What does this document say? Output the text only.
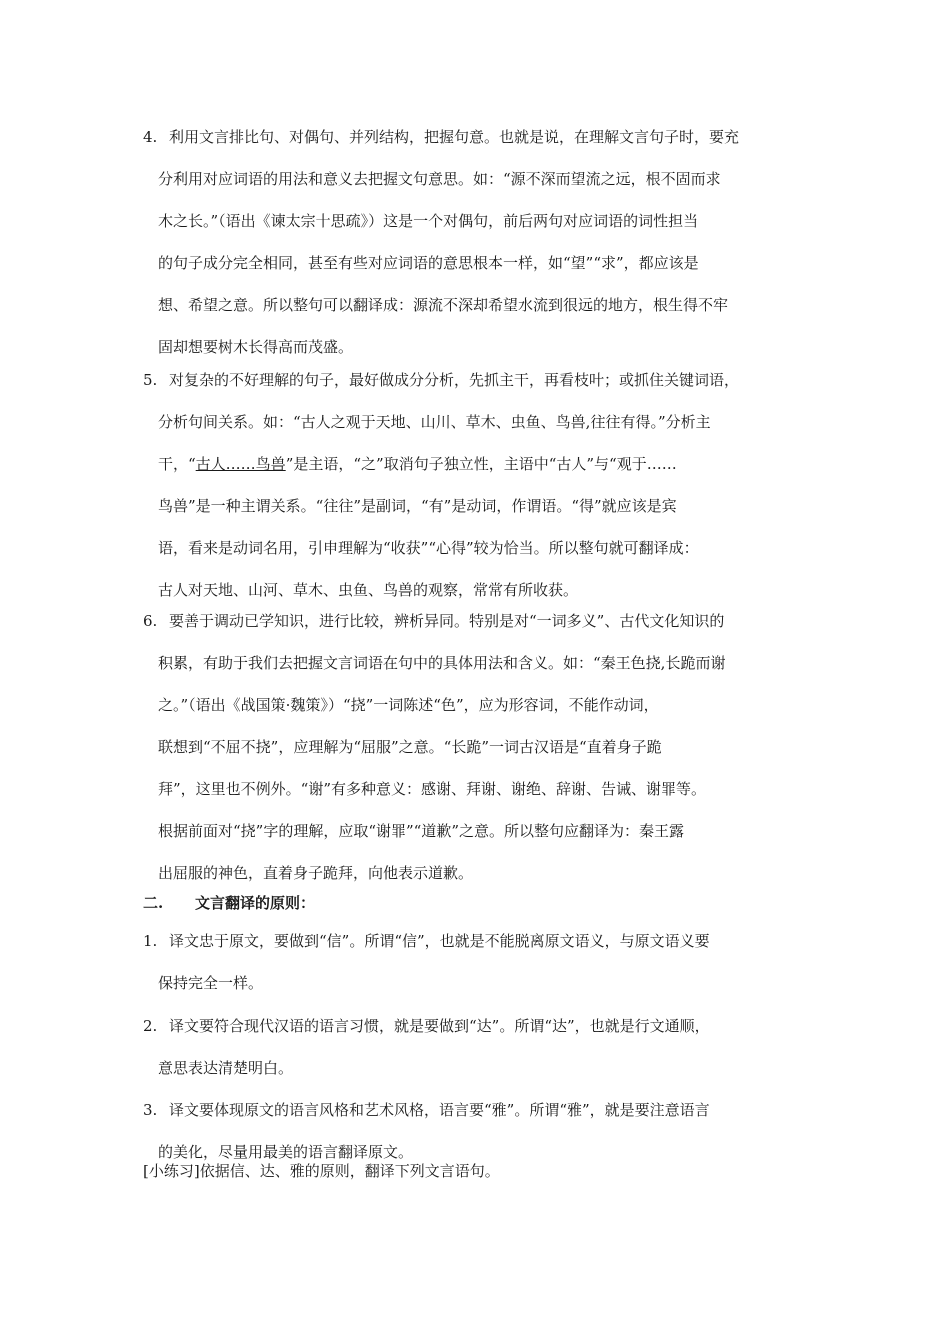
4. 利用文言排比句、对偶句、并列结构，把握句意。也就是说，在理解文言句子时，要充
分利用对应词语的用法和意义去把握文句意思。如：“源不深而望流之远，根不固而求
木之长。”（语出《谏太宗十思疏》）这是一个对偶句，前后两句对应词语的词性担当
的句子成分完全相同，甚至有些对应词语的意思根本一样，如“望”“求”，都应该是
想、希望之意。所以整句可以翻译成：源流不深却希望水流到很远的地方，根生得不牢
固却想要树木长得高而茂盛。
5. 对复杂的不好理解的句子，最好做成分分析，先抓主干，再看枝叶；或抓住关键词语，
分析句间关系。如：“古人之观于天地、山川、草木、虫鱼、鸟兽,往往有得。”分析主
干，“古人……鸟兽”是主语，“之”取消句子独立性，主语中“古人”与“观于……
鸟兽”是一种主谓关系。“往往”是副词，“有”是动词，作谓语。“得”就应该是宾
语，看来是动词名用，引申理解为“收获”“心得”较为恰当。所以整句就可翻译成：
古人对天地、山河、草木、虫鱼、鸟兽的观察，常常有所收获。
6. 要善于调动已学知识，进行比较，辨析异同。特别是对“一词多义”、古代文化知识的
积累，有助于我们去把握文言词语在句中的具体用法和含义。如：“秦王色挠,长跪而谢
之。”（语出《战国策·魏策》）“挠”一词陈述“色”，应为形容词，不能作动词，
联想到“不屈不挠”，应理解为“屈服”之意。“长跪”一词古汉语是“直着身子跪
拜”，这里也不例外。“谢”有多种意义：感谢、拜谢、谢绝、辞谢、告诫、谢罪等。
根据前面对“挠”字的理解，应取“谢罪”“道歉”之意。所以整句应翻译为：秦王露
出屈服的神色，直着身子跪拜，向他表示道歉。
二. 文言翻译的原则：
1. 译文忠于原文，要做到“信”。所谓“信”，也就是不能脱离原文语义，与原文语义要
保持完全一样。
2. 译文要符合现代汉语的语言习惯，就是要做到“达”。所谓“达”，也就是行文通顺，
意思表达清楚明白。
3. 译文要体现原文的语言风格和艺术风格，语言要“雅”。所谓“雅”，就是要注意语言
的美化，尽量用最美的语言翻译原文。
[小练习]依据信、达、雅的原则，翻译下列文言语句。
